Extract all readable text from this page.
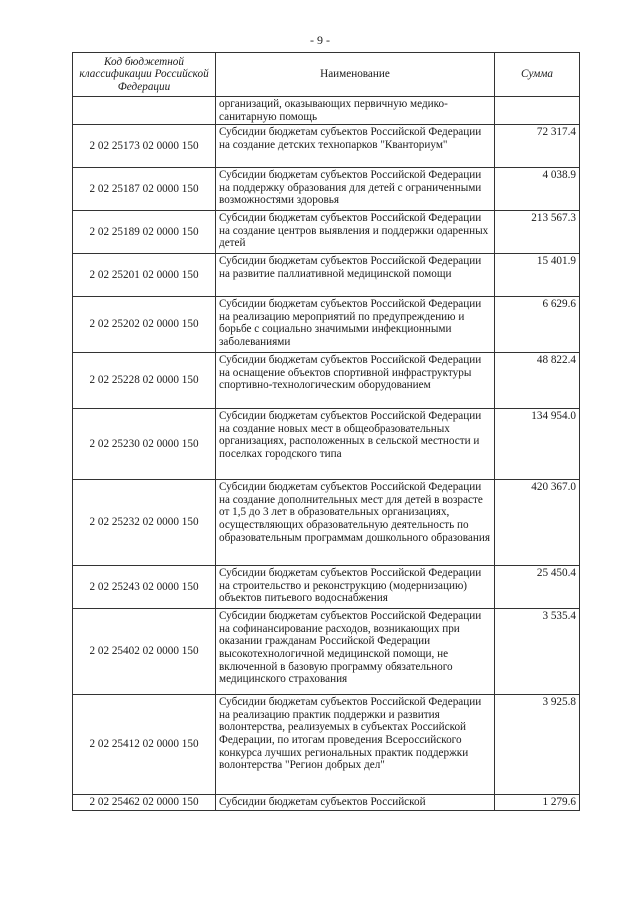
- 9 -
Код бюджетной классификации Российской Федерации	Наименование	Сумма
	организаций, оказывающих первичную медико-санитарную помощь	
2 02 25173 02 0000 150	Субсидии бюджетам субъектов Российской Федерации на создание детских технопарков "Кванториум"	72 317.4
2 02 25187 02 0000 150	Субсидии бюджетам субъектов Российской Федерации на поддержку образования для детей с ограниченными возможностями здоровья	4 038.9
2 02 25189 02 0000 150	Субсидии бюджетам субъектов Российской Федерации на создание центров выявления и поддержки одаренных детей	213 567.3
2 02 25201 02 0000 150	Субсидии бюджетам субъектов Российской Федерации на развитие паллиативной медицинской помощи	15 401.9
2 02 25202 02 0000 150	Субсидии бюджетам субъектов Российской Федерации на реализацию мероприятий по предупреждению и борьбе с социально значимыми инфекционными заболеваниями	6 629.6
2 02 25228 02 0000 150	Субсидии бюджетам субъектов Российской Федерации на оснащение объектов спортивной инфраструктуры спортивно-технологическим оборудованием	48 822.4
2 02 25230 02 0000 150	Субсидии бюджетам субъектов Российской Федерации на создание новых мест в общеобразовательных организациях, расположенных в сельской местности и поселках городского типа	134 954.0
2 02 25232 02 0000 150	Субсидии бюджетам субъектов Российской Федерации на создание дополнительных мест для детей в возрасте от 1,5 до 3 лет в образовательных организациях, осуществляющих образовательную деятельность по образовательным программам дошкольного образования	420 367.0
2 02 25243 02 0000 150	Субсидии бюджетам субъектов Российской Федерации на строительство и реконструкцию (модернизацию) объектов питьевого водоснабжения	25 450.4
2 02 25402 02 0000 150	Субсидии бюджетам субъектов Российской Федерации на софинансирование расходов, возникающих при оказании гражданам Российской Федерации высокотехнологичной медицинской помощи, не включенной в базовую программу обязательного медицинского страхования	3 535.4
2 02 25412 02 0000 150	Субсидии бюджетам субъектов Российской Федерации на реализацию практик поддержки и развития волонтерства, реализуемых в субъектах Российской Федерации, по итогам проведения Всероссийского конкурса лучших региональных практик поддержки волонтерства "Регион добрых дел"	3 925.8
2 02 25462 02 0000 150	Субсидии бюджетам субъектов Российской	1 279.6
